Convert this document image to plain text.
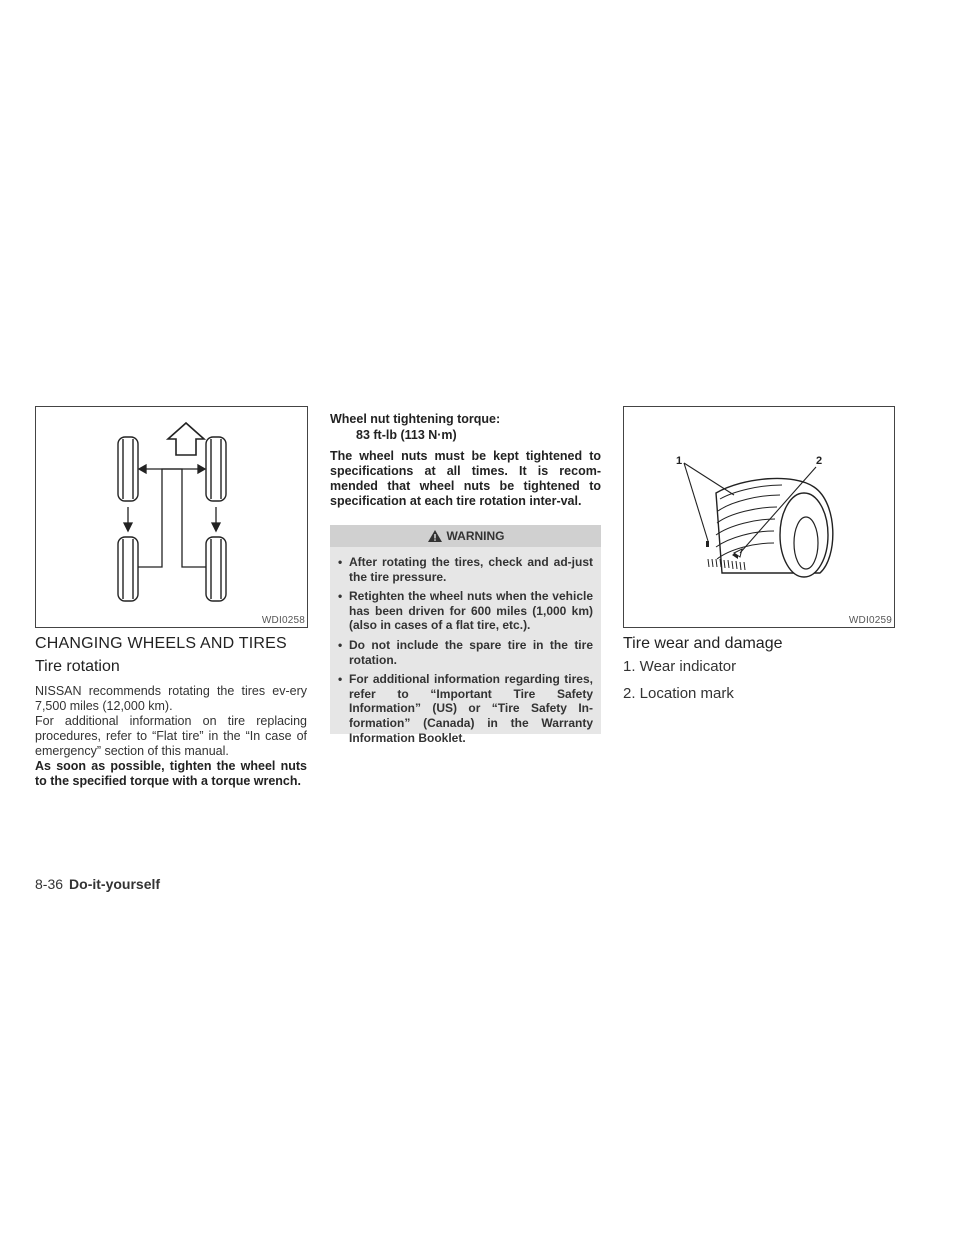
WDI0258
CHANGING WHEELS AND TIRES
Tire rotation

NISSAN recommends rotating the tires ev-ery 7,500 miles (12,000 km).

For additional information on tire replacing procedures, refer to “Flat tire” in the “In case of emergency” section of this manual.

As soon as possible, tighten the wheel nuts to the specified torque with a torque wrench.

Wheel nut tightening torque:
83 ft-lb (113 N·m)

The wheel nuts must be kept tightened to specifications at all times. It is recom-mended that wheel nuts be tightened to specification at each tire rotation inter-val.

WARNING
• After rotating the tires, check and ad-just the tire pressure.
• Retighten the wheel nuts when the vehicle has been driven for 600 miles (1,000 km) (also in cases of a flat tire, etc.).
• Do not include the spare tire in the tire rotation.
• For additional information regarding tires, refer to “Important Tire Safety Information” (US) or “Tire Safety In-formation” (Canada) in the Warranty Information Booklet.
1	2
WDI0259
Tire wear and damage
1. Wear indicator
2. Location mark
8-36 Do-it-yourself
